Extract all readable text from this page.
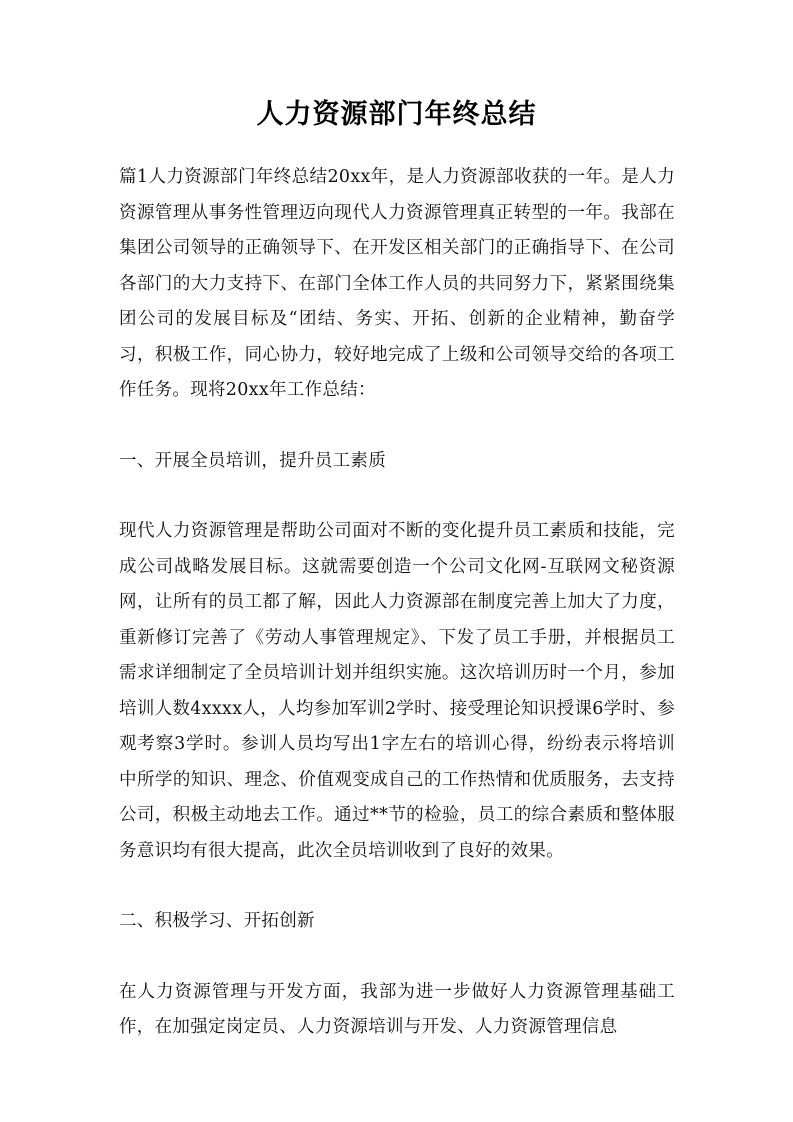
人力资源部门年终总结

篇1人力资源部门年终总结20xx年，是人力资源部收获的一年。是人力资源管理从事务性管理迈向现代人力资源管理真正转型的一年。我部在集团公司领导的正确领导下、在开发区相关部门的正确指导下、在公司各部门的大力支持下、在部门全体工作人员的共同努力下，紧紧围绕集团公司的发展目标及“团结、务实、开拓、创新的企业精神，勤奋学习，积极工作，同心协力，较好地完成了上级和公司领导交给的各项工作任务。现将20xx年工作总结：

一、开展全员培训，提升员工素质

现代人力资源管理是帮助公司面对不断的变化提升员工素质和技能，完成公司战略发展目标。这就需要创造一个公司文化网-互联网文秘资源网，让所有的员工都了解，因此人力资源部在制度完善上加大了力度，重新修订完善了《劳动人事管理规定》、下发了员工手册，并根据员工需求详细制定了全员培训计划并组织实施。这次培训历时一个月，参加培训人数4xxxx人，人均参加军训2学时、接受理论知识授课6学时、参观考察3学时。参训人员均写出1字左右的培训心得，纷纷表示将培训中所学的知识、理念、价值观变成自己的工作热情和优质服务，去支持公司，积极主动地去工作。通过**节的检验，员工的综合素质和整体服务意识均有很大提高，此次全员培训收到了良好的效果。

二、积极学习、开拓创新

在人力资源管理与开发方面，我部为进一步做好人力资源管理基础工作，在加强定岗定员、人力资源培训与开发、人力资源管理信息
